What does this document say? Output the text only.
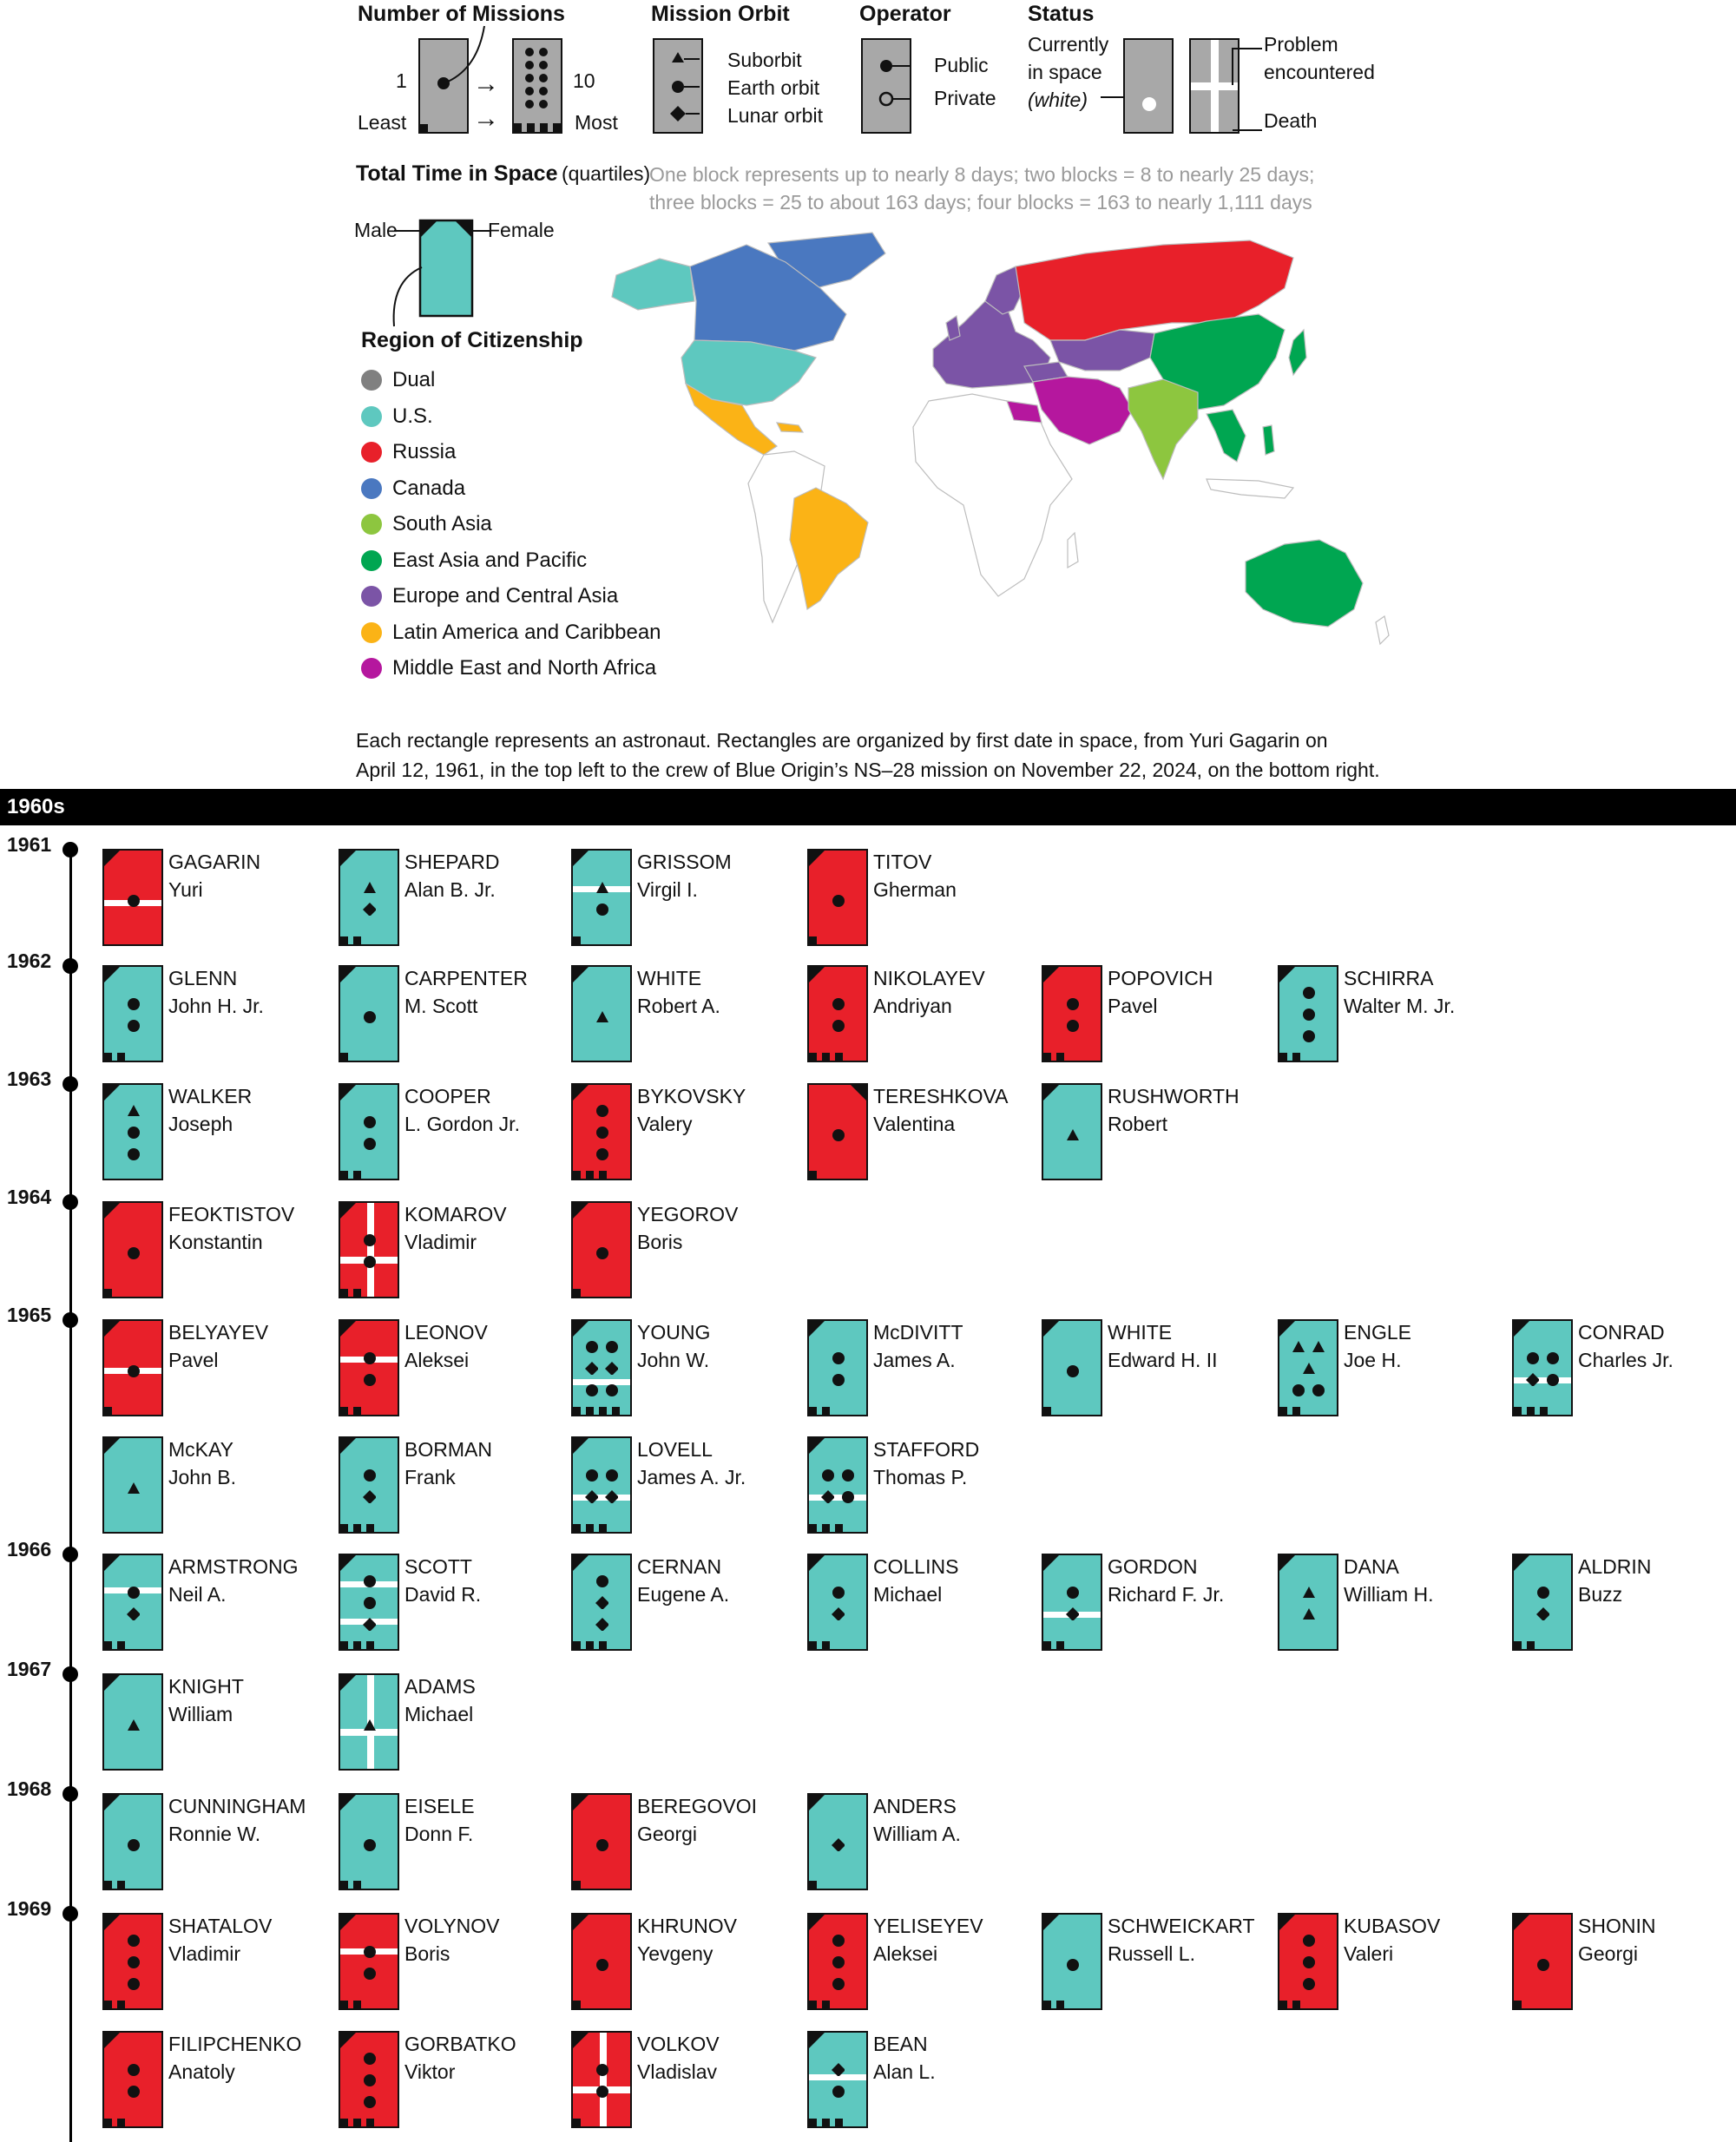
Number of Missions
1	→
→
10
Least	Most
Mission Orbit
Suborbit
Earth orbit
Lunar orbit
Operator
Public
Private
Status
Currently
in space
(white)
Problem
encountered
Death
Total Time in Space (quartiles)
One block represents up to nearly 8 days; two blocks = 8 to nearly 25 days;
three blocks = 25 to about 163 days; four blocks = 163 to nearly 1,111 days
Male	Female
Region of Citizenship
Dual
U.S.
Russia
Canada
South Asia
East Asia and Pacific
Europe and Central Asia
Latin America and Caribbean
Middle East and North Africa
Each rectangle represents an astronaut. Rectangles are organized by first date in space, from Yuri Gagarin on
April 12, 1961, in the top left to the crew of Blue Origin’s NS–28 mission on November 22, 2024, on the bottom right.
1960s
1961
1962
1963
1964
1965
1966
1967
1968
1969
GAGARIN
Yuri
SHEPARD
Alan B. Jr.
GRISSOM
Virgil I.
TITOV
Gherman
GLENN
John H. Jr.
CARPENTER
M. Scott
WHITE
Robert A.
NIKOLAYEV
Andriyan
POPOVICH
Pavel
SCHIRRA
Walter M. Jr.
WALKER
Joseph
COOPER
L. Gordon Jr.
BYKOVSKY
Valery
TERESHKOVA
Valentina
RUSHWORTH
Robert
FEOKTISTOV
Konstantin
KOMAROV
Vladimir
YEGOROV
Boris
BELYAYEV
Pavel
LEONOV
Aleksei
YOUNG
John W.
McDIVITT
James A.
WHITE
Edward H. II
ENGLE
Joe H.
CONRAD
Charles Jr.
McKAY
John B.
BORMAN
Frank
LOVELL
James A. Jr.
STAFFORD
Thomas P.
ARMSTRONG
Neil A.
SCOTT
David R.
CERNAN
Eugene A.
COLLINS
Michael
GORDON
Richard F. Jr.
DANA
William H.
ALDRIN
Buzz
KNIGHT
William
ADAMS
Michael
CUNNINGHAM
Ronnie W.
EISELE
Donn F.
BEREGOVOI
Georgi
ANDERS
William A.
SHATALOV
Vladimir
VOLYNOV
Boris
KHRUNOV
Yevgeny
YELISEYEV
Aleksei
SCHWEICKART
Russell L.
KUBASOV
Valeri
SHONIN
Georgi
FILIPCHENKO
Anatoly
GORBATKO
Viktor
VOLKOV
Vladislav
BEAN
Alan L.
